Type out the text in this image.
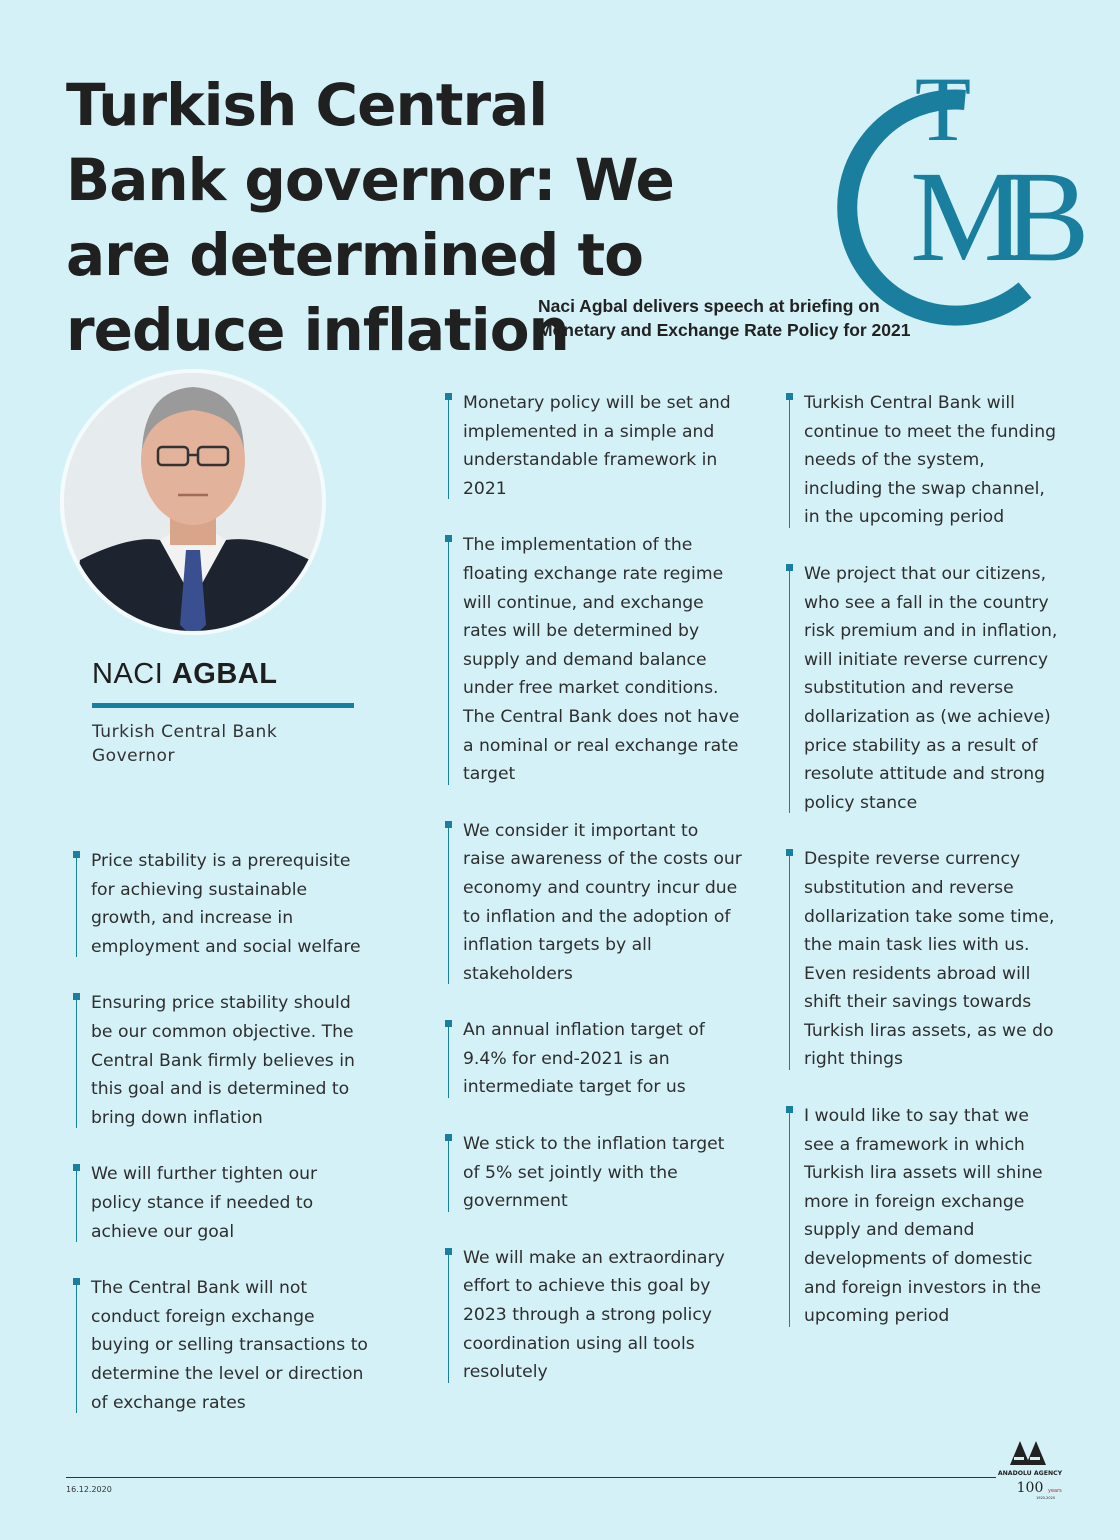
Turkish Central Bank governor: We are determined to reduce inflation
Naci Agbal delivers speech at briefing on Monetary and Exchange Rate Policy for 2021
T
M
B
NACI AGBAL
Turkish Central Bank Governor

Price stability is a prerequisite for achieving sustainable growth, and increase in employment and social welfare

Ensuring price stability should be our common objective. The Central Bank firmly believes in this goal and is determined to bring down inflation

We will further tighten our policy stance if needed to achieve our goal

The Central Bank will not conduct foreign exchange buying or selling transactions to determine the level or direction of exchange rates

Monetary policy will be set and implemented in a simple and understandable framework in 2021

The implementation of the floating exchange rate regime will continue, and exchange rates will be determined by supply and demand balance under free market conditions. The Central Bank does not have a nominal or real exchange rate target

We consider it important to raise awareness of the costs our economy and country incur due to inflation and the adoption of inflation targets by all stakeholders

An annual inflation target of 9.4% for end-2021 is an intermediate target for us

We stick to the inflation target of 5% set jointly with the government

We will make an extraordinary effort to achieve this goal by 2023 through a strong policy coordination using all tools resolutely

Turkish Central Bank will continue to meet the funding needs of the system, including the swap channel, in the upcoming period

We project that our citizens, who see a fall in the country risk premium and in inflation, will initiate reverse currency substitution and reverse dollarization as (we achieve) price stability as a result of resolute attitude and strong policy stance

Despite reverse currency substitution and reverse dollarization take some time, the main task lies with us. Even residents abroad will shift their savings towards Turkish liras assets, as we do right things

I would like to say that we see a framework in which Turkish lira assets will shine more in foreign exchange supply and demand developments of domestic and foreign investors in the upcoming period

16.12.2020
ANADOLU AGENCY
100 years
1920-2020
